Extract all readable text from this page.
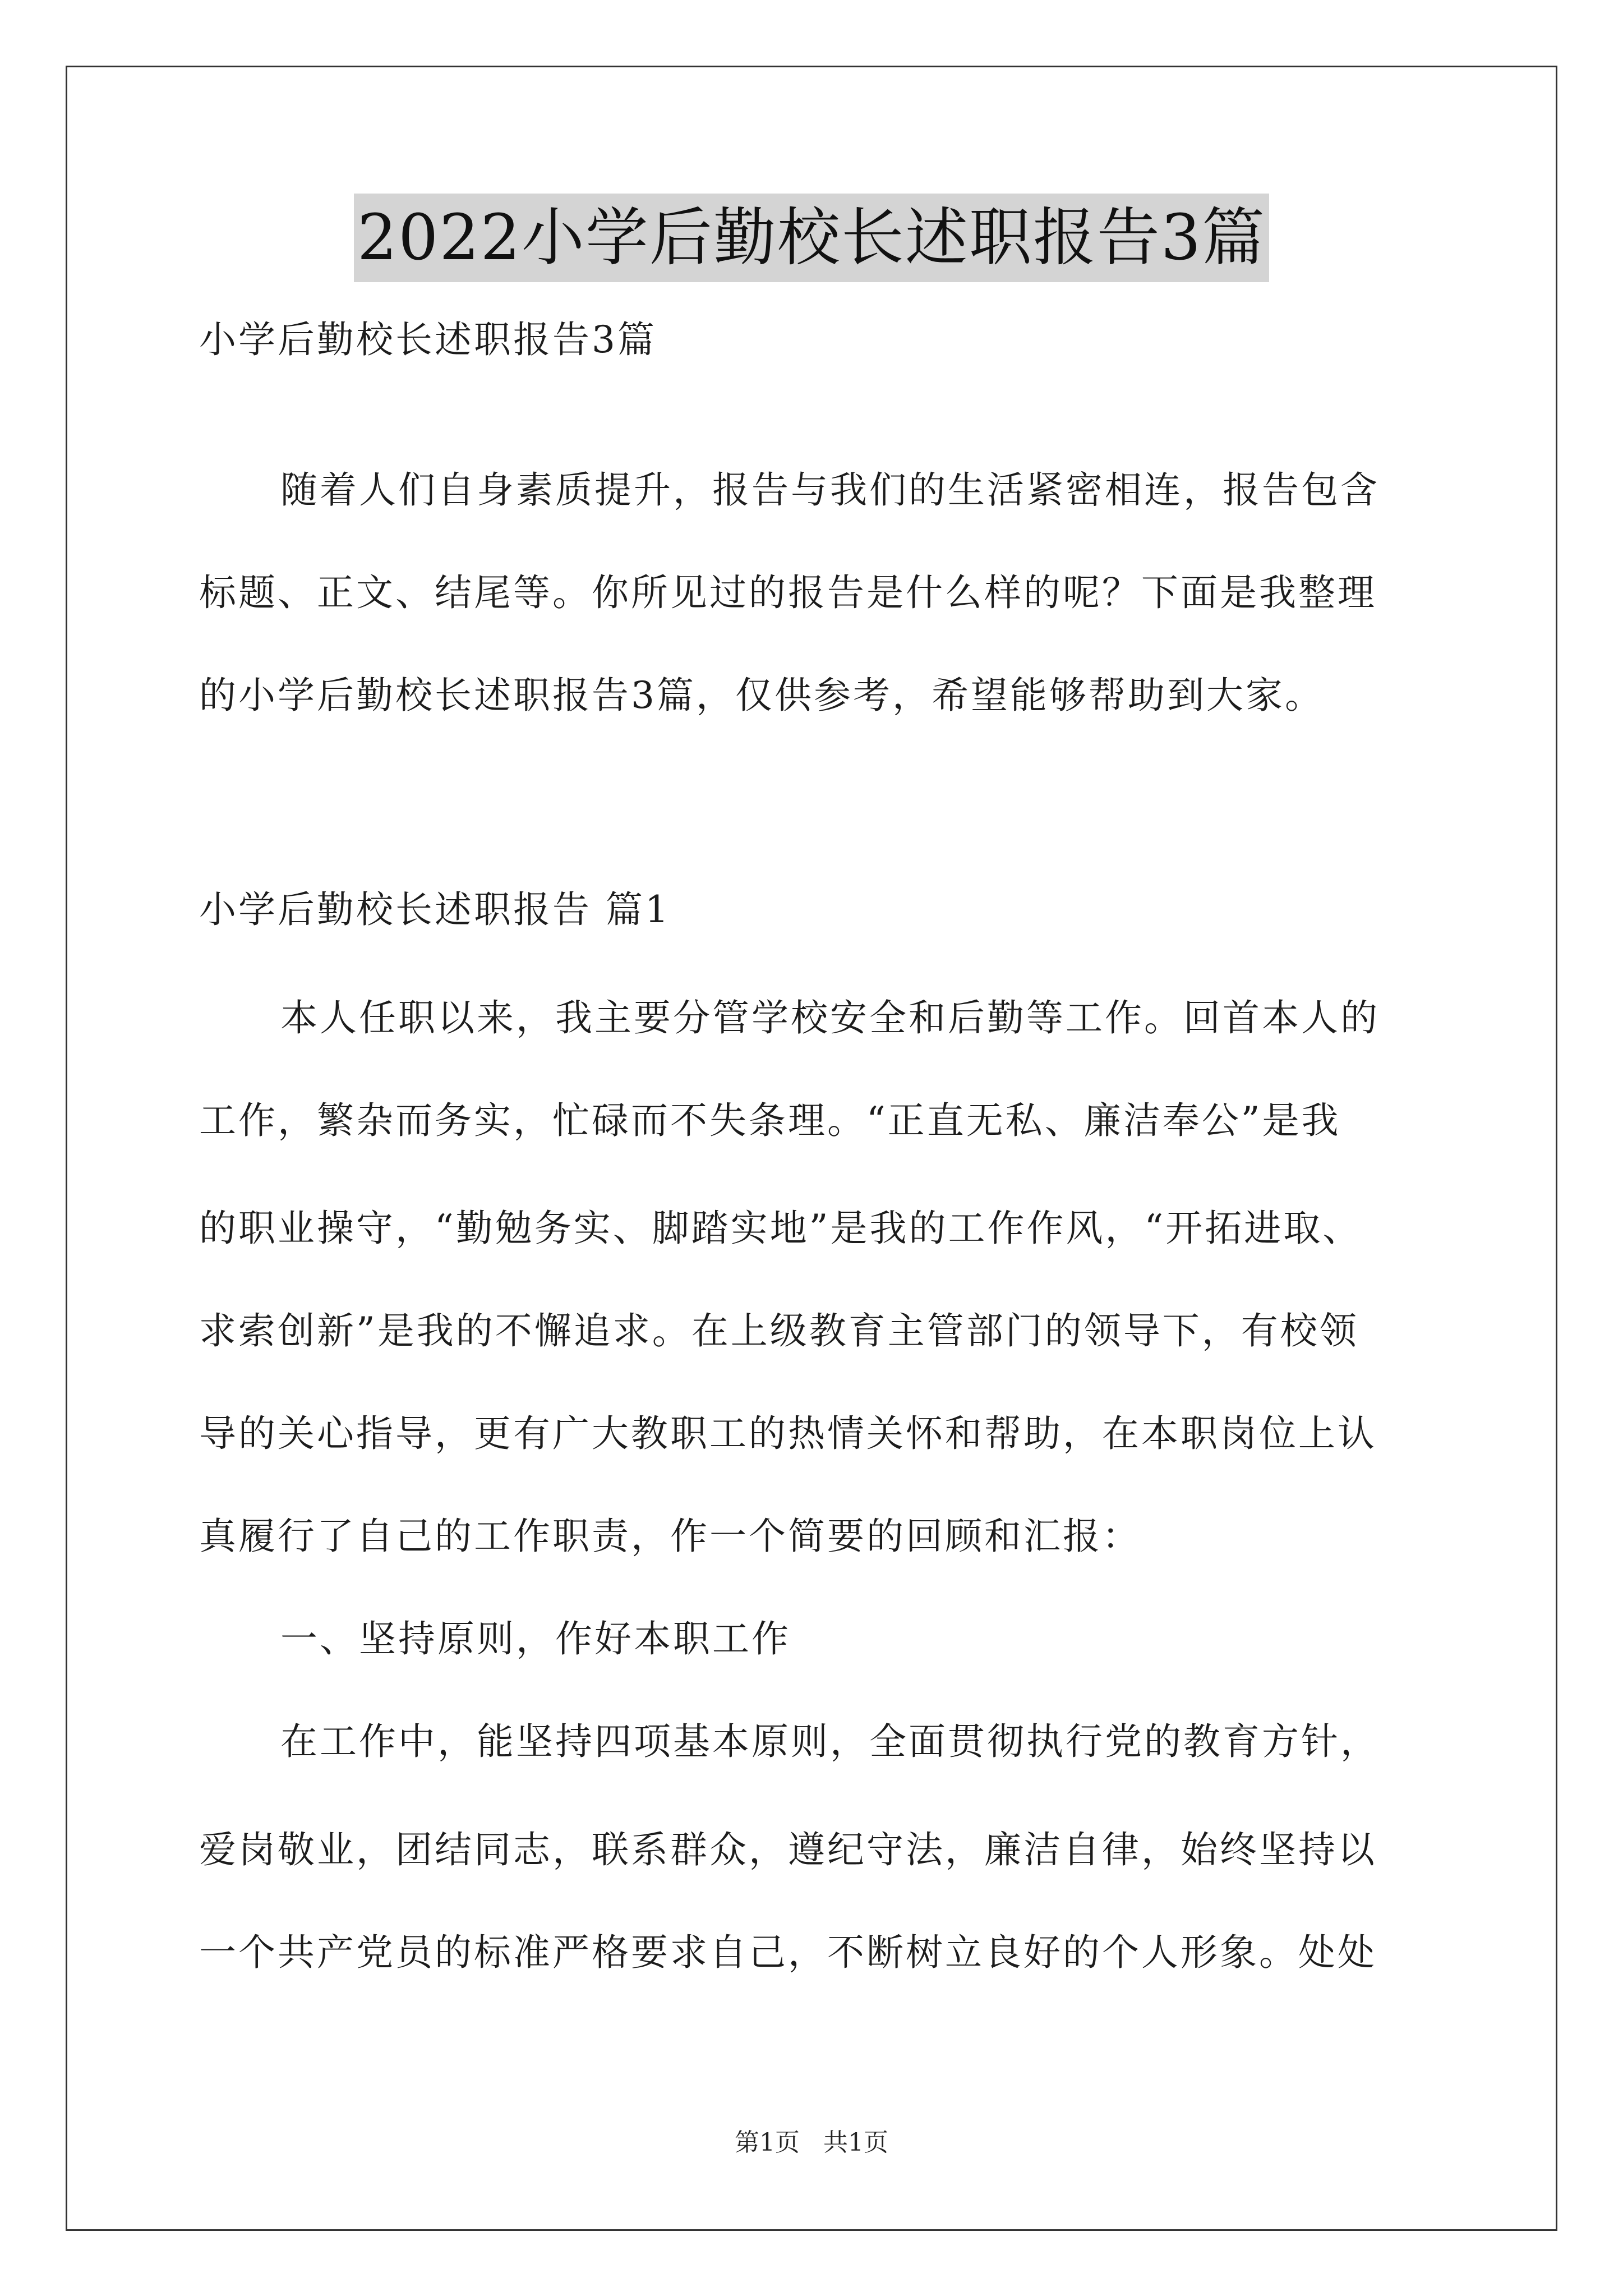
2022小学后勤校长述职报告3篇
小学后勤校长述职报告3篇
随着人们自身素质提升，报告与我们的生活紧密相连，报告包含
标题、正文、结尾等。你所见过的报告是什么样的呢？下面是我整理
的小学后勤校长述职报告3篇，仅供参考，希望能够帮助到大家。
小学后勤校长述职报告 篇1
本人任职以来，我主要分管学校安全和后勤等工作。回首本人的
工作，繁杂而务实，忙碌而不失条理。“正直无私、廉洁奉公”是我
的职业操守，“勤勉务实、脚踏实地”是我的工作作风，“开拓进取、
求索创新”是我的不懈追求。在上级教育主管部门的领导下，有校领
导的关心指导，更有广大教职工的热情关怀和帮助，在本职岗位上认
真履行了自己的工作职责，作一个简要的回顾和汇报：
一、坚持原则，作好本职工作
在工作中，能坚持四项基本原则，全面贯彻执行党的教育方针，
爱岗敬业，团结同志，联系群众，遵纪守法，廉洁自律，始终坚持以
一个共产党员的标准严格要求自己，不断树立良好的个人形象。处处
第1页 共1页
